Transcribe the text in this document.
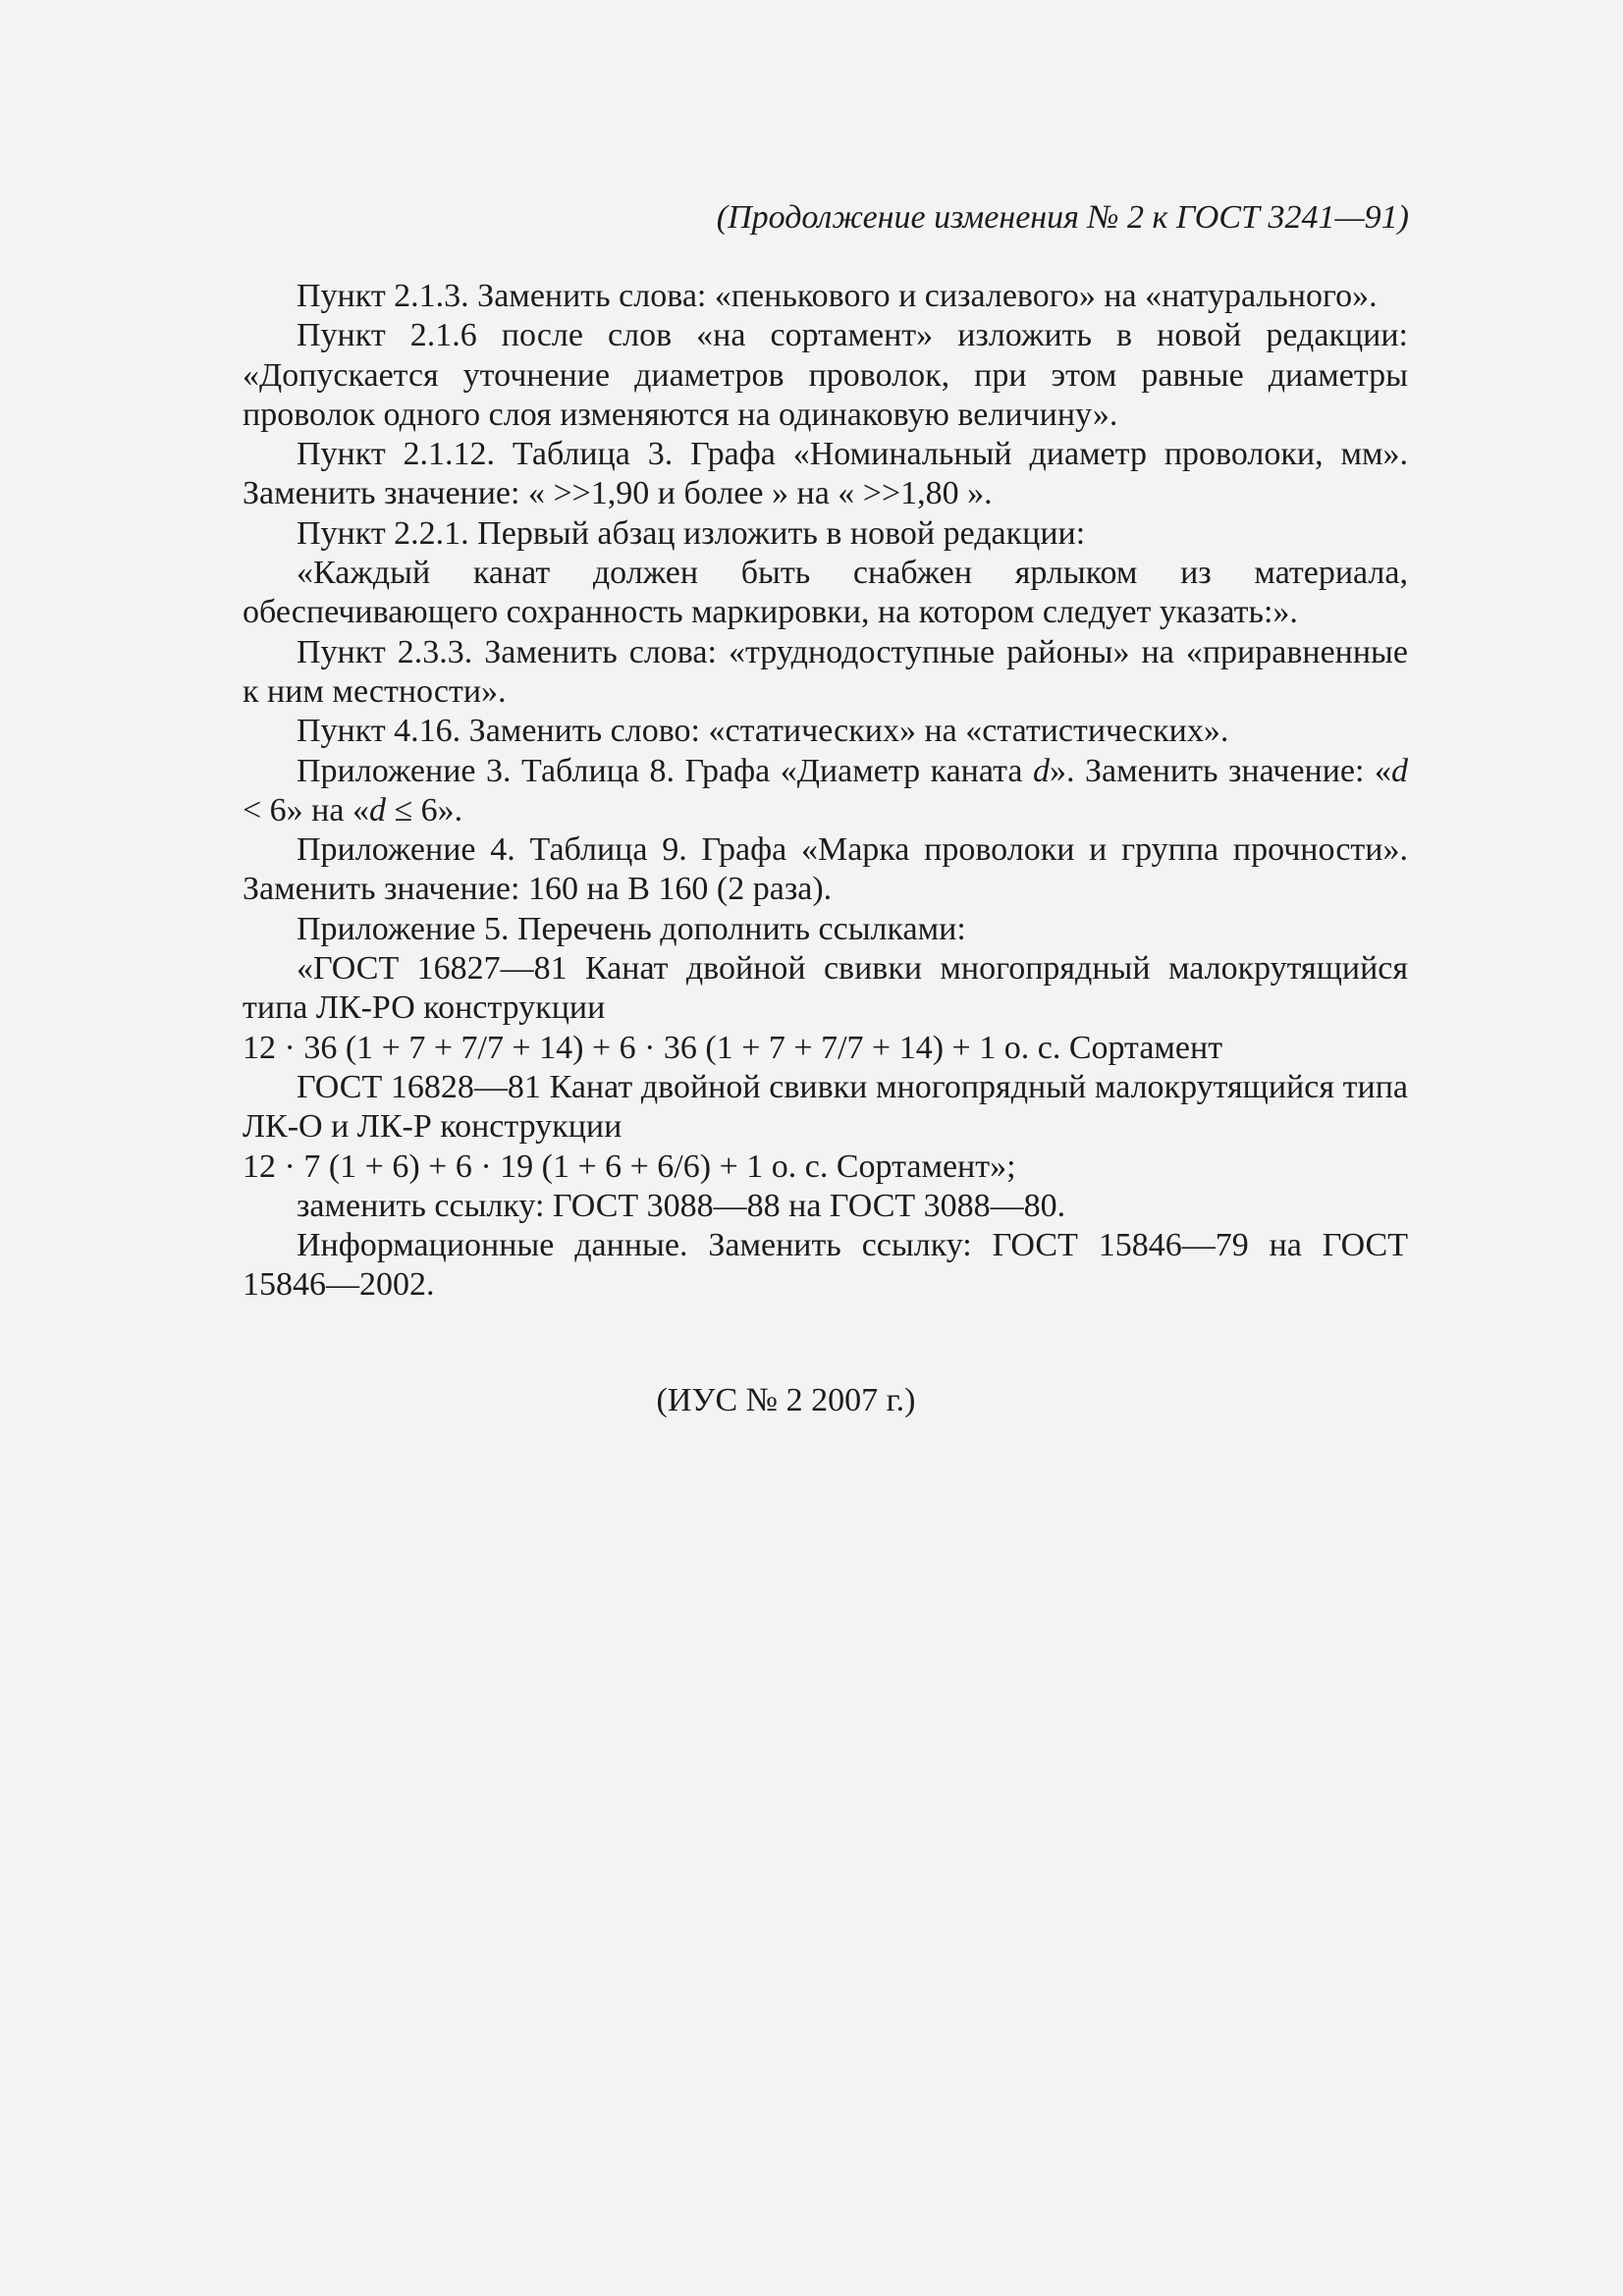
(Продолжение изменения № 2 к ГОСТ 3241—91)

Пункт 2.1.3. Заменить слова: «пенькового и сизалевого» на «натурального».

Пункт 2.1.6 после слов «на сортамент» изложить в новой редакции: «Допускается уточнение диаметров проволок, при этом равные диаметры проволок одного слоя изменяются на одинаковую величину».

Пункт 2.1.12. Таблица 3. Графа «Номинальный диаметр проволоки, мм». Заменить значение: « >>1,90 и более » на « >>1,80 ».

Пункт 2.2.1. Первый абзац изложить в новой редакции:

«Каждый канат должен быть снабжен ярлыком из материала, обеспечивающего сохранность маркировки, на котором следует указать:».

Пункт 2.3.3. Заменить слова: «труднодоступные районы» на «приравненные к ним местности».

Пункт 4.16. Заменить слово: «статических» на «статистических».

Приложение 3. Таблица 8. Графа «Диаметр каната d». Заменить значение: «d < 6» на «d ≤ 6».

Приложение 4. Таблица 9. Графа «Марка проволоки и группа прочности». Заменить значение: 160 на В 160 (2 раза).

Приложение 5. Перечень дополнить ссылками:

«ГОСТ 16827—81 Канат двойной свивки многопрядный малокрутящийся типа ЛК-РО конструкции

12 · 36 (1 + 7 + 7/7 + 14) + 6 · 36 (1 + 7 + 7/7 + 14) + 1 о. с. Сортамент

ГОСТ 16828—81 Канат двойной свивки многопрядный малокрутящийся типа ЛК-О и ЛК-Р конструкции

12 · 7 (1 + 6) + 6 · 19 (1 + 6 + 6/6) + 1 о. с. Сортамент»;

заменить ссылку: ГОСТ 3088—88 на ГОСТ 3088—80.

Информационные данные. Заменить ссылку: ГОСТ 15846—79 на ГОСТ 15846—2002.

(ИУС № 2 2007 г.)
